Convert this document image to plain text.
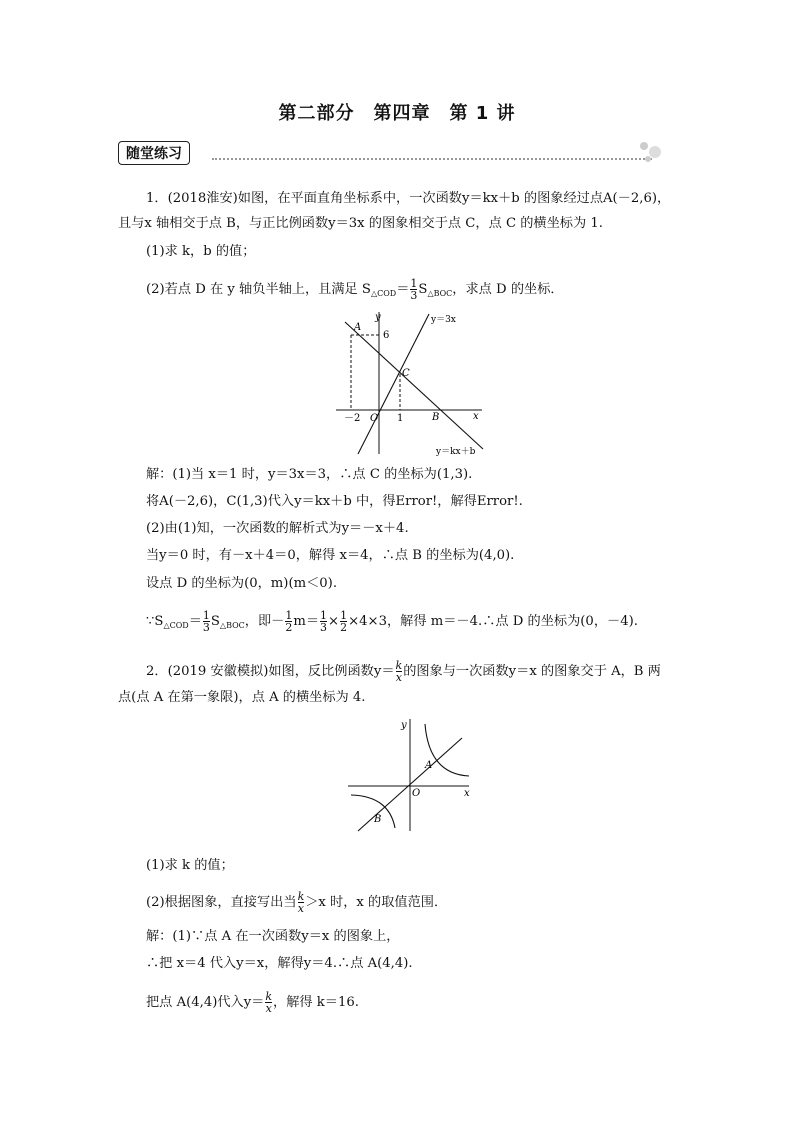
第二部分　第四章　第 1 讲
随堂练习
1．(2018淮安)如图，在平面直角坐标系中，一次函数y＝kx＋b 的图象经过点A(－2,6)，
且与x 轴相交于点 B，与正比例函数y＝3x 的图象相交于点 C，点 C 的横坐标为 1.
(1)求 k，b 的值；
(2)若点 D 在 y 轴负半轴上，且满足 $S_{\triangle COD}= \frac{1}{3} S_{\triangle BOC}$，求点 D 的坐标．
y
x
y＝3x
y＝kx＋b
A
B
C
O
6
－2	1
解：(1)当 x＝1 时，y＝3x＝3，∴点 C 的坐标为(1,3).
将A(－2,6)，C(1,3)代入y＝kx＋b 中，得Error!，解得Error!.
(2)由(1)知，一次函数的解析式为y＝－x＋4.
当y＝0 时，有－x＋4＝0，解得 x＝4，∴点 B 的坐标为(4,0).
设点 D 的坐标为(0，m)(m＜0).
$\because S_{\triangle COD}= \frac{1}{3} S_{\triangle BOC}$，即－ $\frac{1}{2} m= \frac{1}{3} \times \frac{1}{2} \times 4\times 3$，解得 m＝－4.∴点 D 的坐标为(0，－4).
2．(2019 安徽模拟)如图，反比例函数$y= \frac{k}{x}$ 的图象与一次函数y＝x 的图象交于 A，B 两
点(点 A 在第一象限)，点 A 的横坐标为 4.
y
x
A
B
O
(1)求 k 的值；
(2)根据图象，直接写出当 $\frac{k}{x} >x$ 时，x 的取值范围．
解：(1)∵点 A 在一次函数y＝x 的图象上，
∴把 x＝4 代入y＝x，解得y＝4.∴点 A(4,4).
把点 A(4,4)代入$y= \frac{k}{x}$ ，解得 k＝16.
